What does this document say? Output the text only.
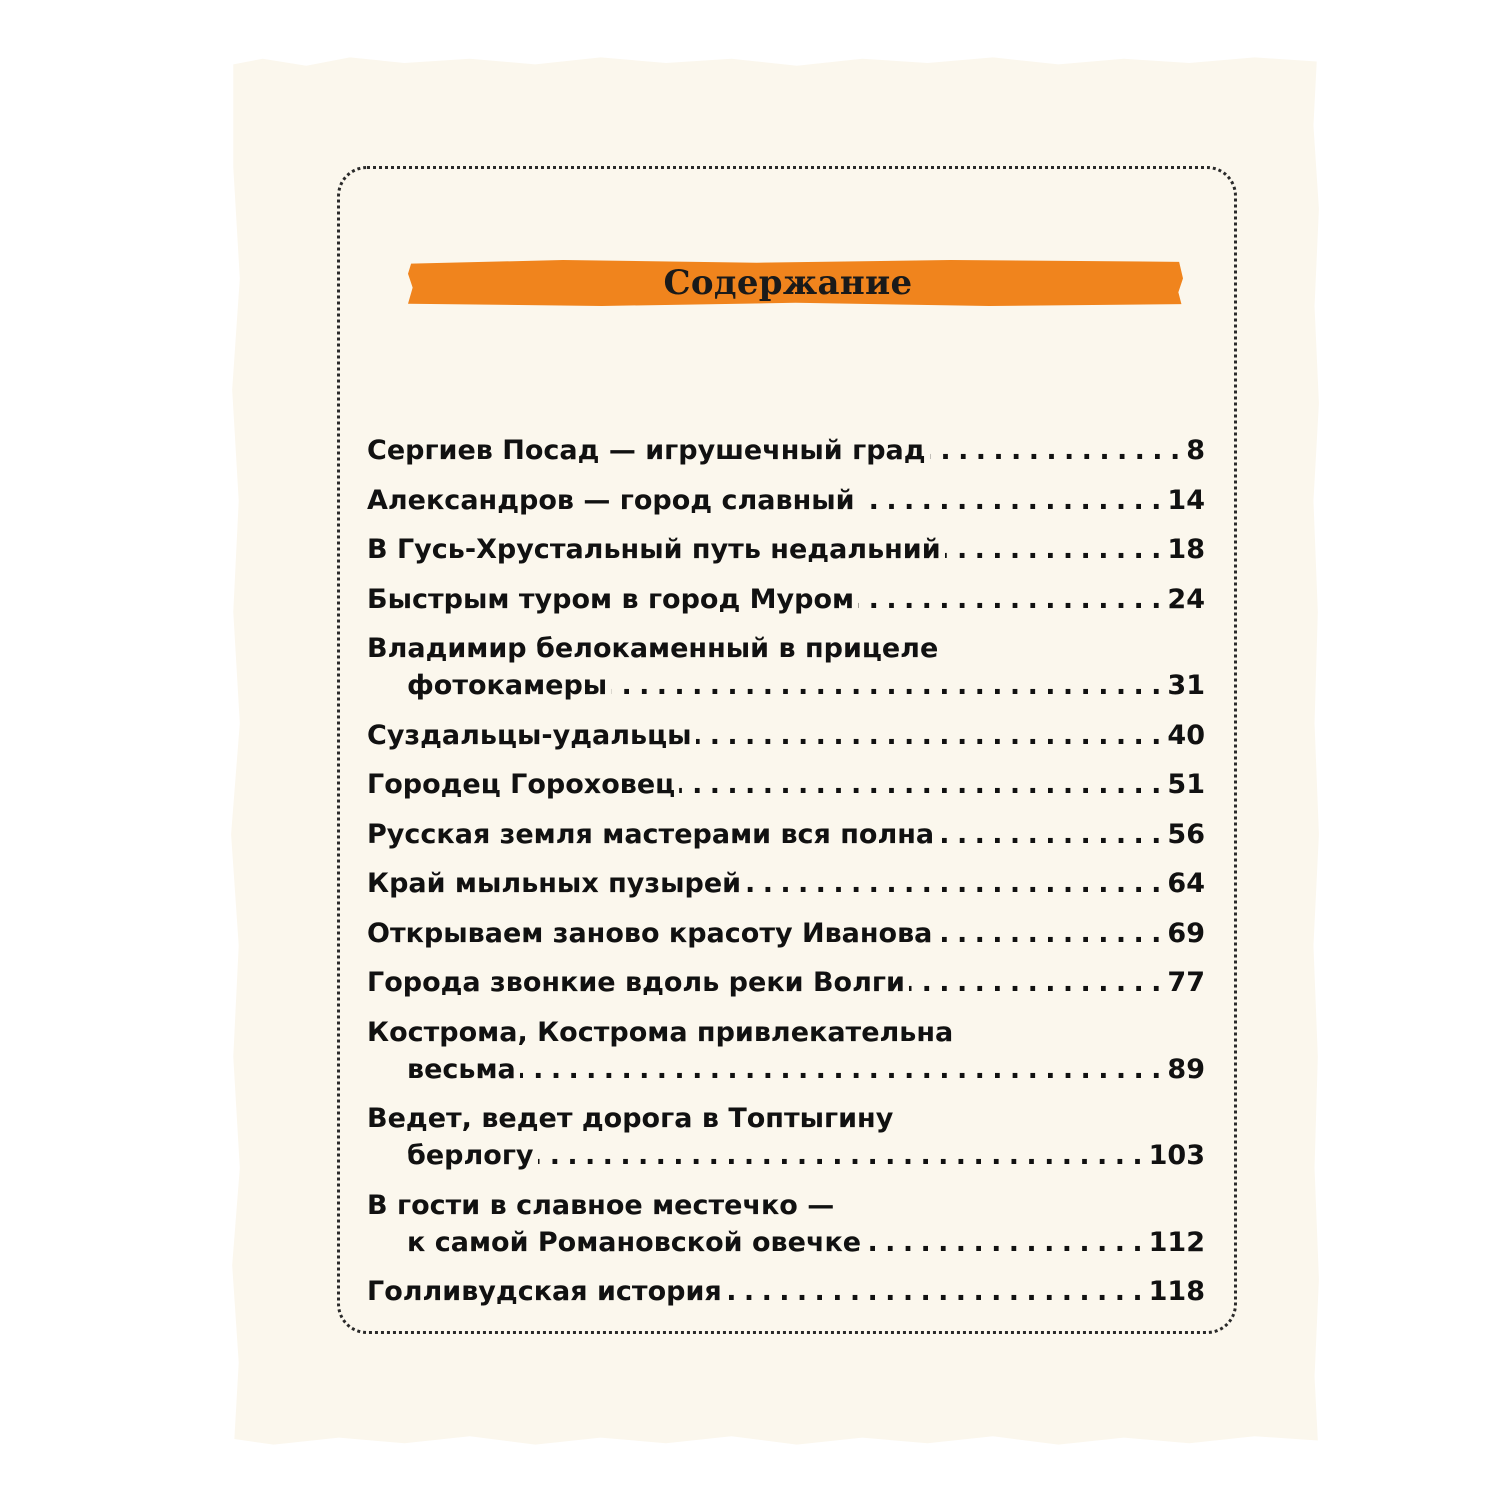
Содержание
Сергиев Посад — игрушечный град . . .	8
Александров — город славный . . .	14
В Гусь-Хрустальный путь недальний . . .	18
Быстрым туром в город Муром . . .	24
Владимир белокаменный в прицеле
фотокамеры . . .	31
Суздальцы-удальцы . . .	40
Городец Гороховец . . .	51
Русская земля мастерами вся полна . . .	56
Край мыльных пузырей . . .	64
Открываем заново красоту Иванова . . .	69
Города звонкие вдоль реки Волги . . .	77
Кострома, Кострома привлекательна
весьма . . .	89
Ведет, ведет дорога в Топтыгину
берлогу . . .	103
В гости в славное местечко —
к самой Романовской овечке . . .	112
Голливудская история . . .	118
